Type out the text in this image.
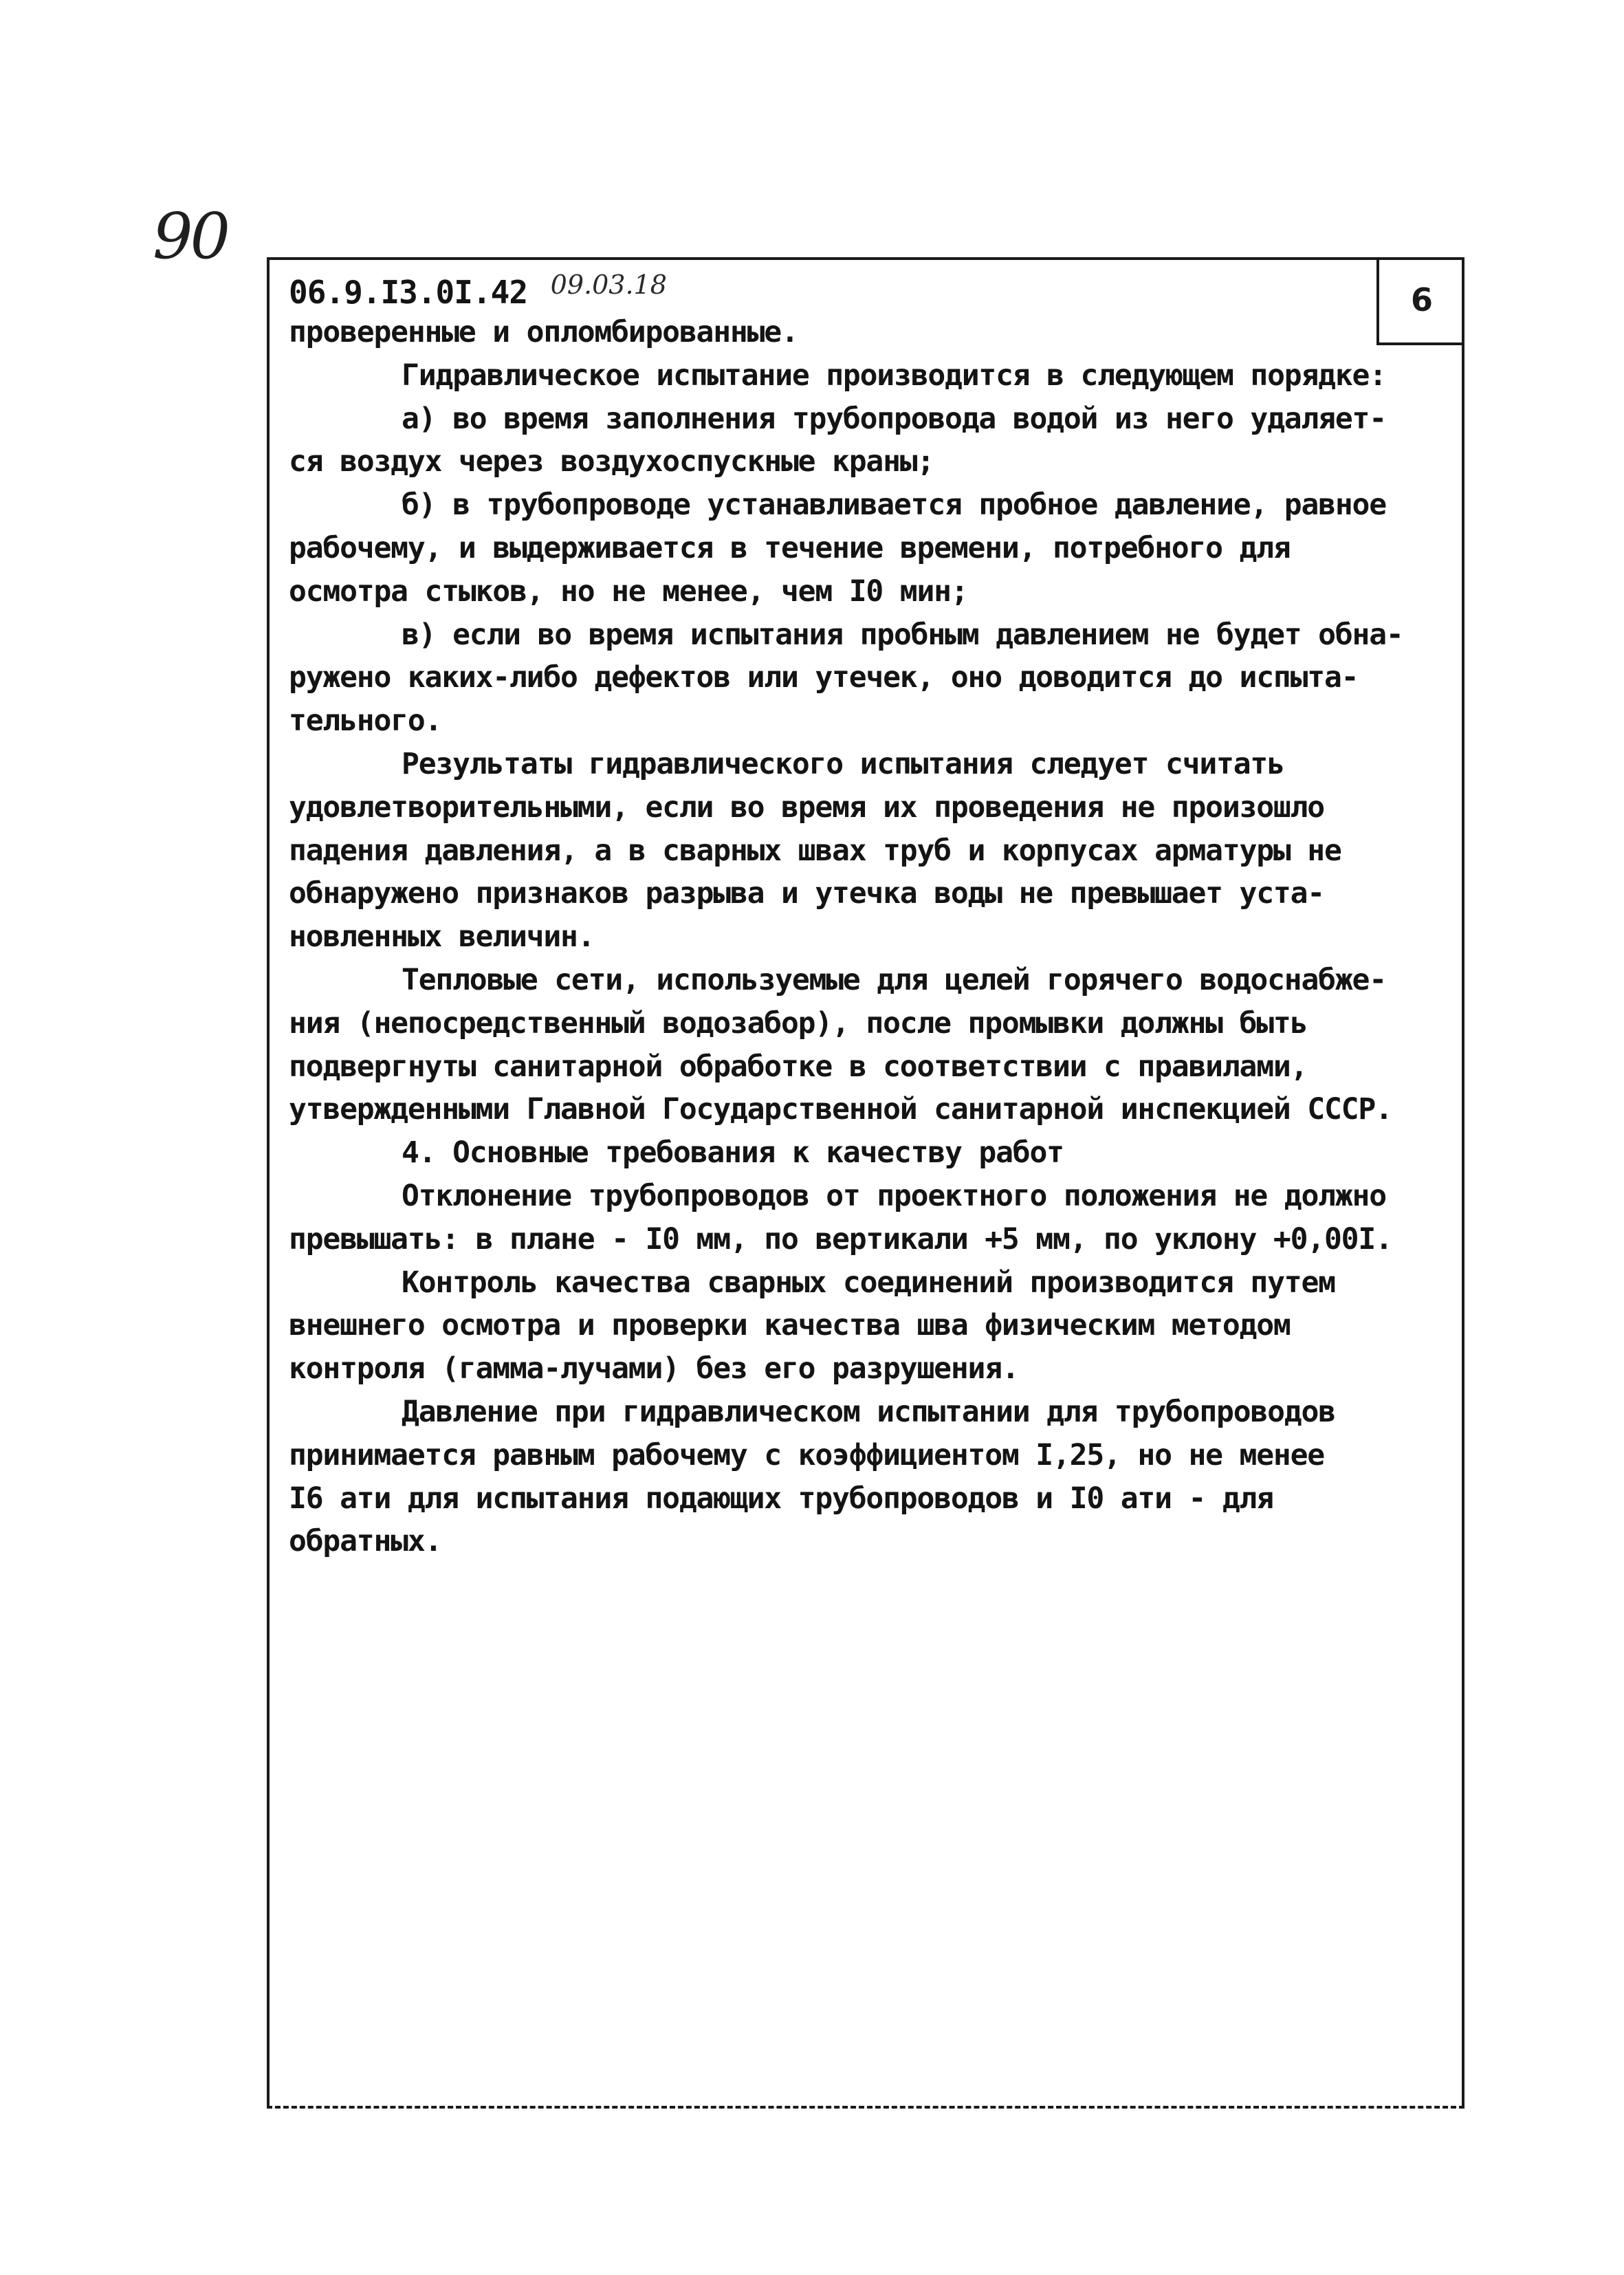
90
6
06.9.I3.0I.42 09.03.18
проверенные и опломбированные.
Гидравлическое испытание производится в следующем порядке:
а) во время заполнения трубопровода водой из него удаляет-
ся воздух через воздухоспускные краны;
б) в трубопроводе устанавливается пробное давление, равное
рабочему, и выдерживается в течение времени, потребного для
осмотра стыков, но не менее, чем I0 мин;
в) если во время испытания пробным давлением не будет обна-
ружено каких-либо дефектов или утечек, оно доводится до испыта-
тельного.
Результаты гидравлического испытания следует считать
удовлетворительными, если во время их проведения не произошло
падения давления, а в сварных швах труб и корпусах арматуры не
обнаружено признаков разрыва и утечка воды не превышает уста-
новленных величин.
Тепловые сети, используемые для целей горячего водоснабже-
ния (непосредственный водозабор), после промывки должны быть
подвергнуты санитарной обработке в соответствии с правилами,
утвержденными Главной Государственной санитарной инспекцией СССР.
4. Основные требования к качеству работ
Отклонение трубопроводов от проектного положения не должно
превышать: в плане - I0 мм, по вертикали +5 мм, по уклону +0,00I.
Контроль качества сварных соединений производится путем
внешнего осмотра и проверки качества шва физическим методом
контроля (гамма-лучами) без его разрушения.
Давление при гидравлическом испытании для трубопроводов
принимается равным рабочему с коэффициентом I,25, но не менее
I6 ати для испытания подающих трубопроводов и I0 ати - для
обратных.
